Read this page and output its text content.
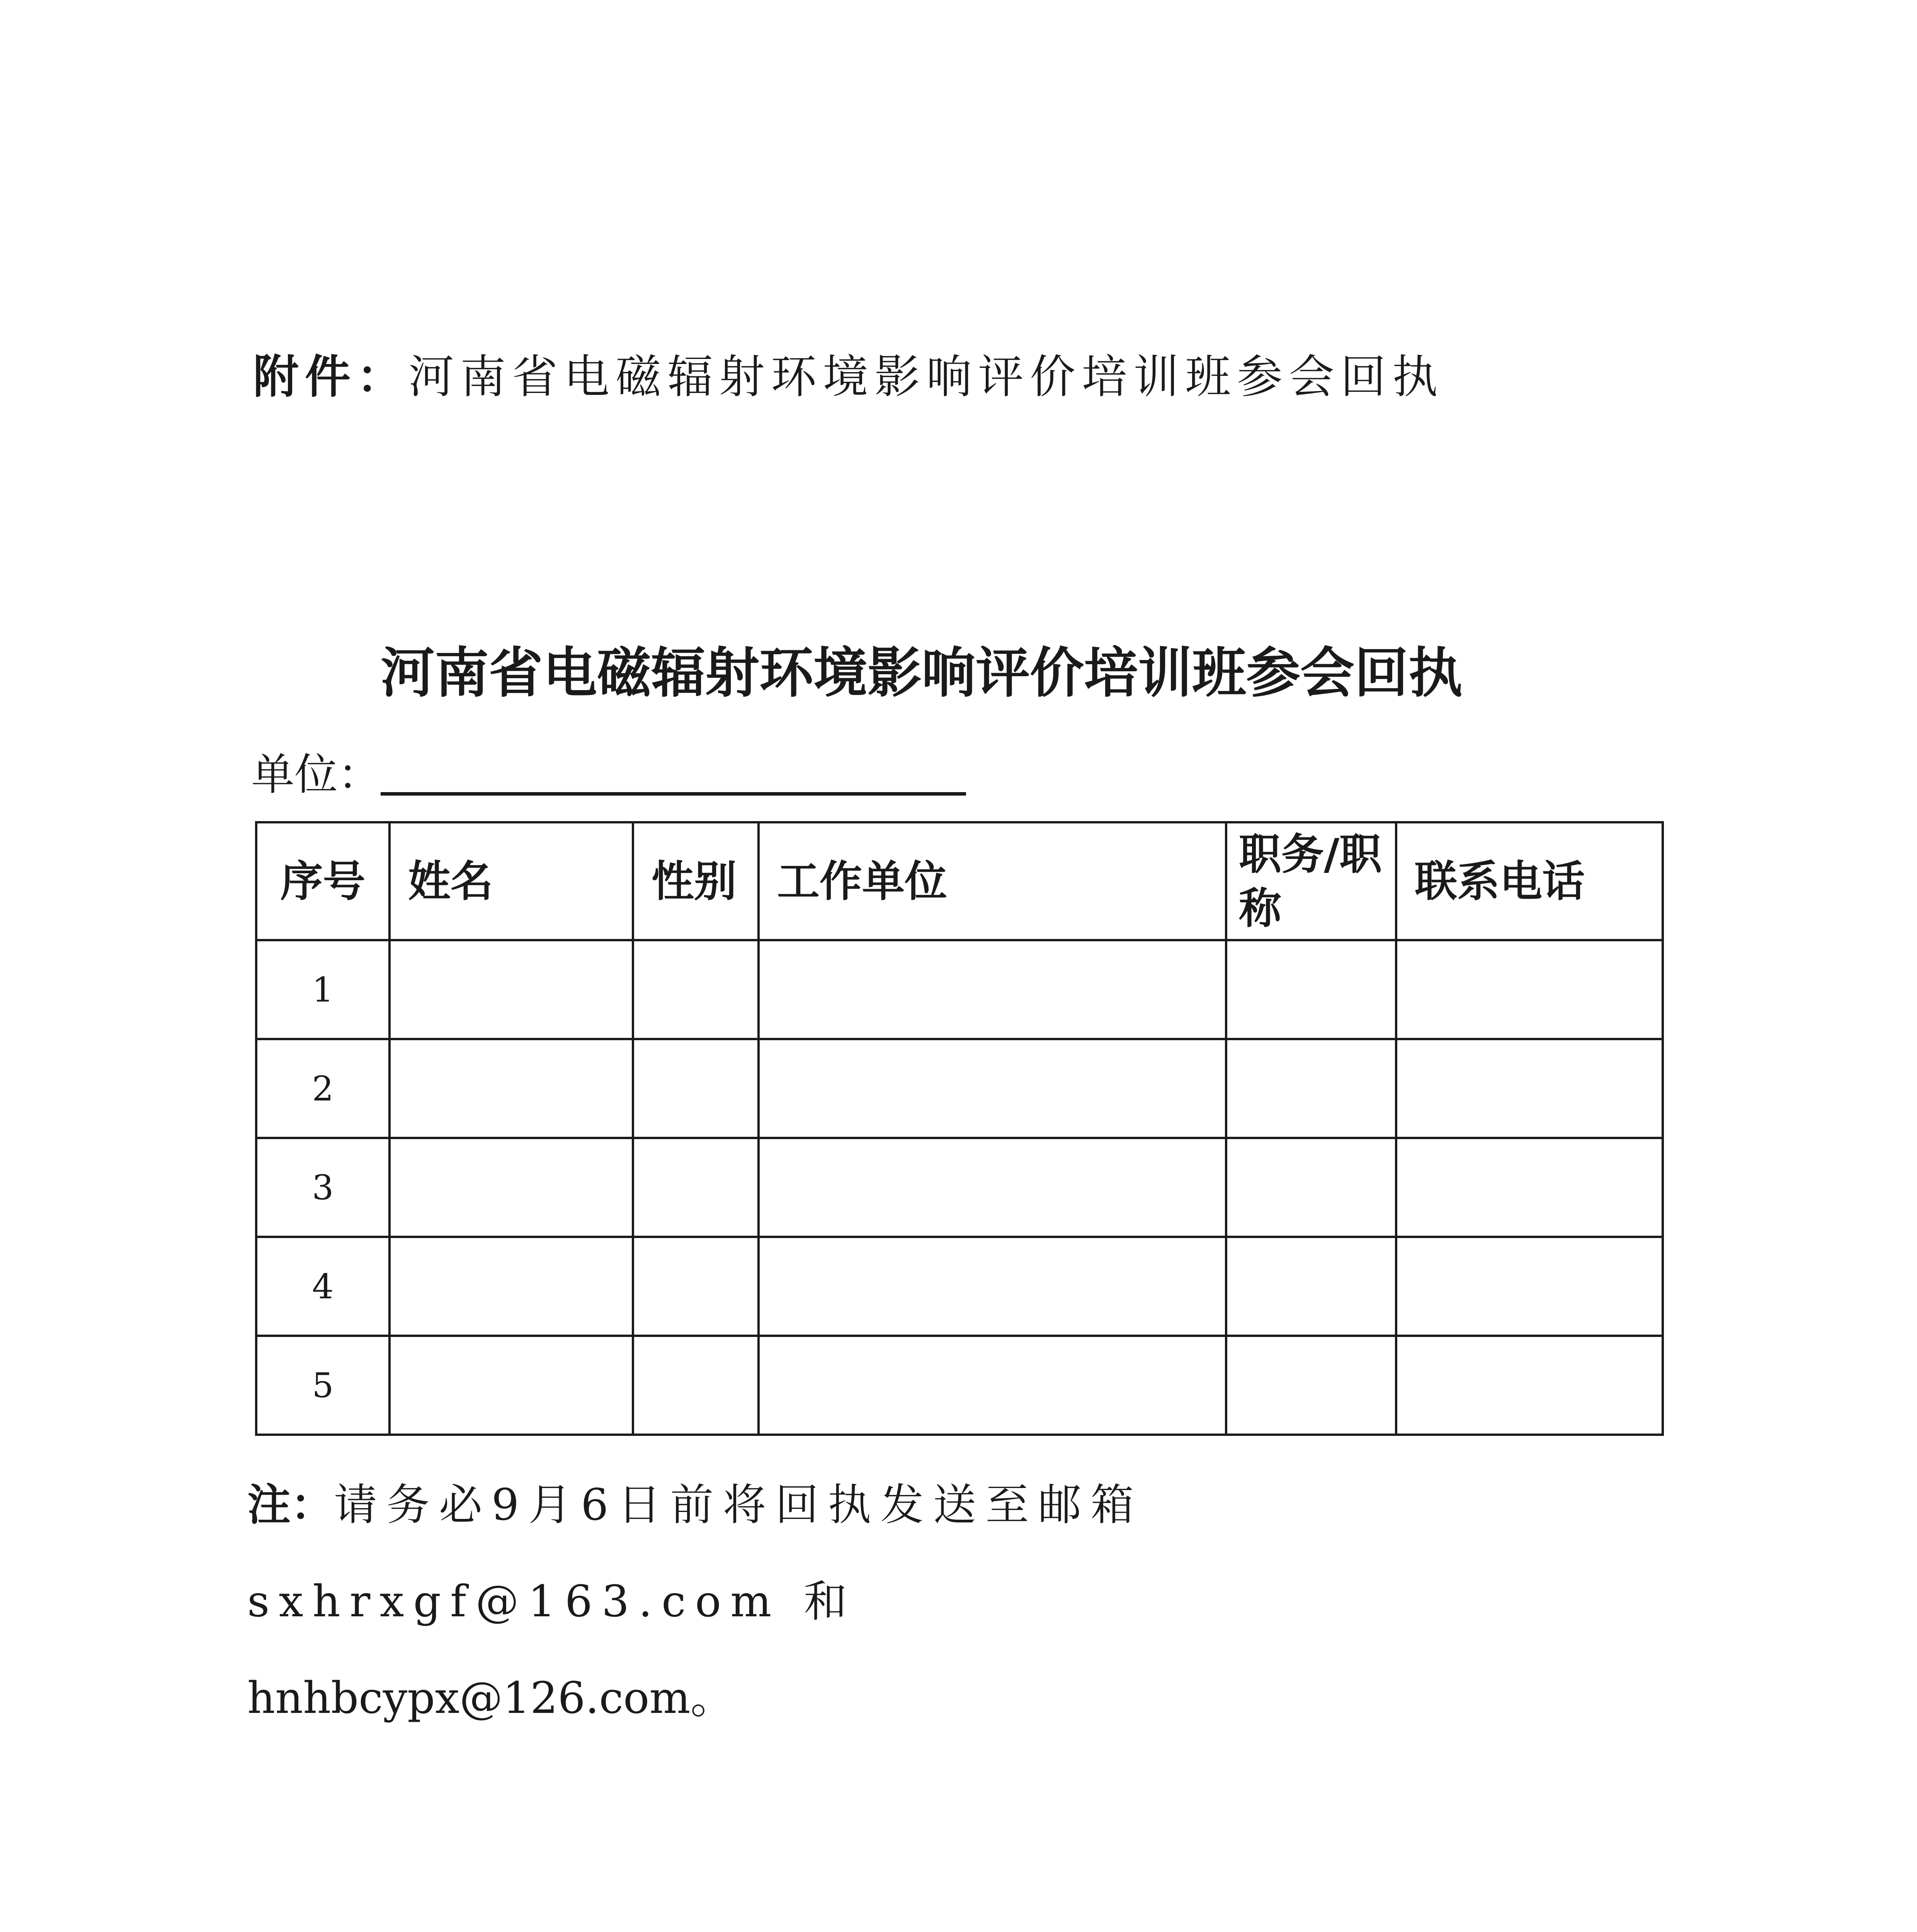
附件：河南省电磁辐射环境影响评价培训班参会回执
河南省电磁辐射环境影响评价培训班参会回执
单位：
序号	姓名	性别	工作单位	职务/职称	联系电话
1					
2					
3					
4					
5					
注：请务必9月6日前将回执发送至邮箱 sxhrxgf@163.com 和
hnhbcypx@126.com。
